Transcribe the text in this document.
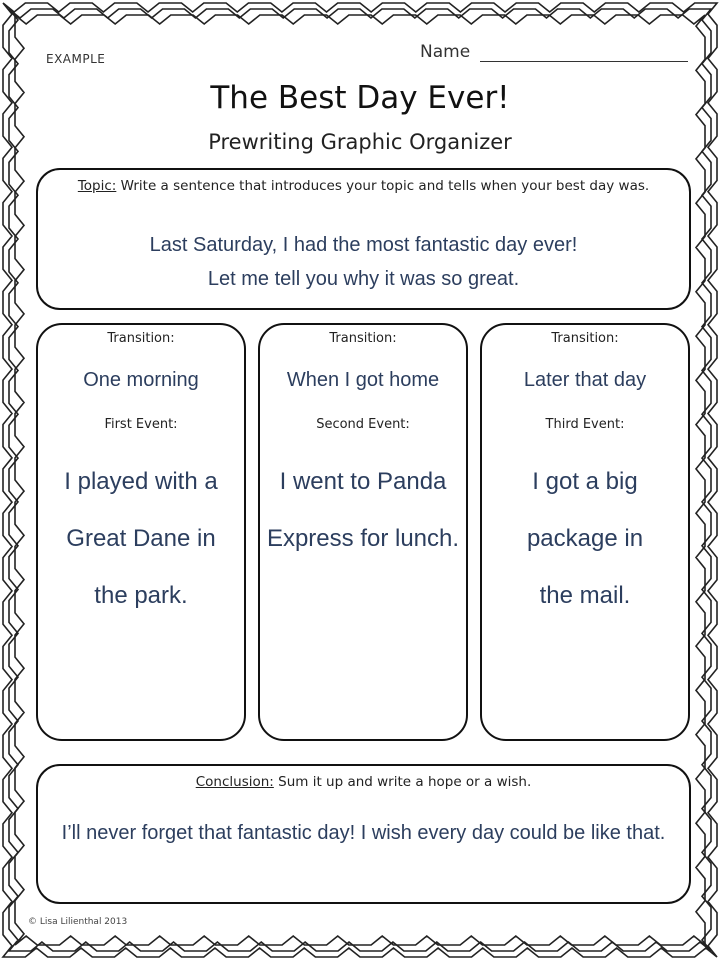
EXAMPLE	Name
The Best Day Ever!
Prewriting Graphic Organizer
Topic: Write a sentence that introduces your topic and tells when your best day was.
Last Saturday, I had the most fantastic day ever!
Let me tell you why it was so great.
Transition:
One morning
First Event:
I played with a
Great Dane in
the park.
Transition:
When I got home
Second Event:
I went to Panda
Express for lunch.
Transition:
Later that day
Third Event:
I got a big
package in
the mail.
Conclusion: Sum it up and write a hope or a wish.
I’ll never forget that fantastic day! I wish every day could be like that.
© Lisa Lilienthal 2013
